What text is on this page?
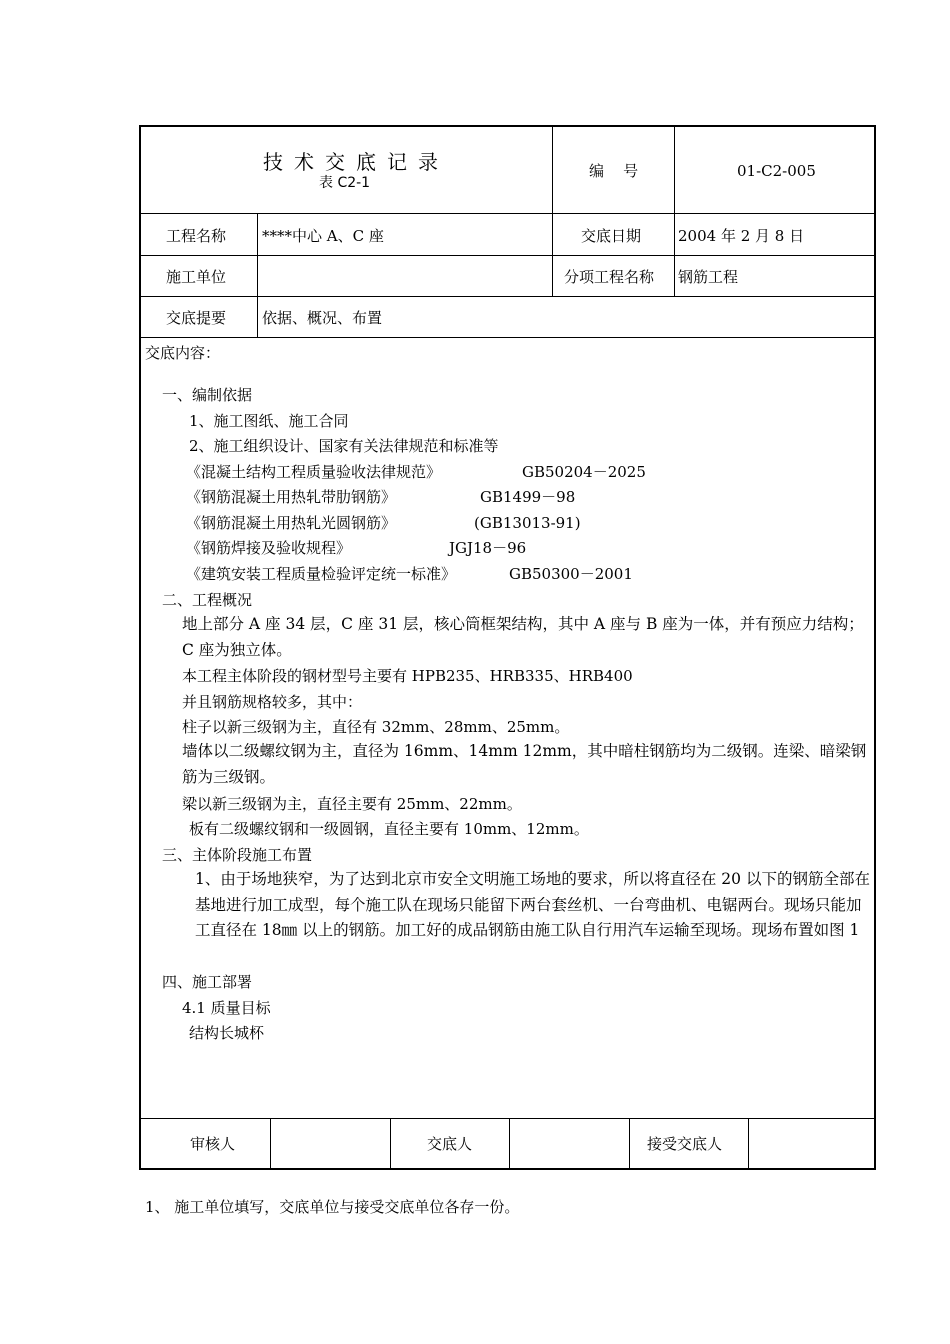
技术交底记录
表 C2-1
编    号	01-C2-005
工程名称 ****中心 A、C 座	交底日期 2004 年 2 月 8 日
施工单位	分项工程名称 钢筋工程
交底提要 依据、概况、布置
交底内容：
一、编制依据
1、施工图纸、施工合同
2、施工组织设计、国家有关法律规范和标准等
《混凝土结构工程质量验收法律规范》	GB50204－2025
《钢筋混凝土用热轧带肋钢筋》	GB1499－98
《钢筋混凝土用热轧光圆钢筋》	(GB13013-91)
《钢筋焊接及验收规程》	JGJ18－96
《建筑安装工程质量检验评定统一标准》	GB50300－2001
二、工程概况
地上部分 A 座 34 层，C 座 31 层，核心筒框架结构，其中 A 座与 B 座为一体，并有预应力结构；C 座为独立体。
本工程主体阶段的钢材型号主要有 HPB235、HRB335、HRB400
并且钢筋规格较多，其中：
柱子以新三级钢为主，直径有 32mm、28mm、25mm。
墙体以二级螺纹钢为主，直径为 16mm、14mm 12mm，其中暗柱钢筋均为二级钢。连梁、暗梁钢筋为三级钢。
梁以新三级钢为主，直径主要有 25mm、22mm。
板有二级螺纹钢和一级圆钢，直径主要有 10mm、12mm。
三、主体阶段施工布置
1、由于场地狭窄，为了达到北京市安全文明施工场地的要求，所以将直径在 20 以下的钢筋全部在基地进行加工成型，每个施工队在现场只能留下两台套丝机、一台弯曲机、电锯两台。现场只能加工直径在 18㎜ 以上的钢筋。加工好的成品钢筋由施工队自行用汽车运输至现场。现场布置如图 1
四、施工部署
4.1 质量目标
结构长城杯
审核人	交底人	接受交底人
1、 施工单位填写，交底单位与接受交底单位各存一份。
